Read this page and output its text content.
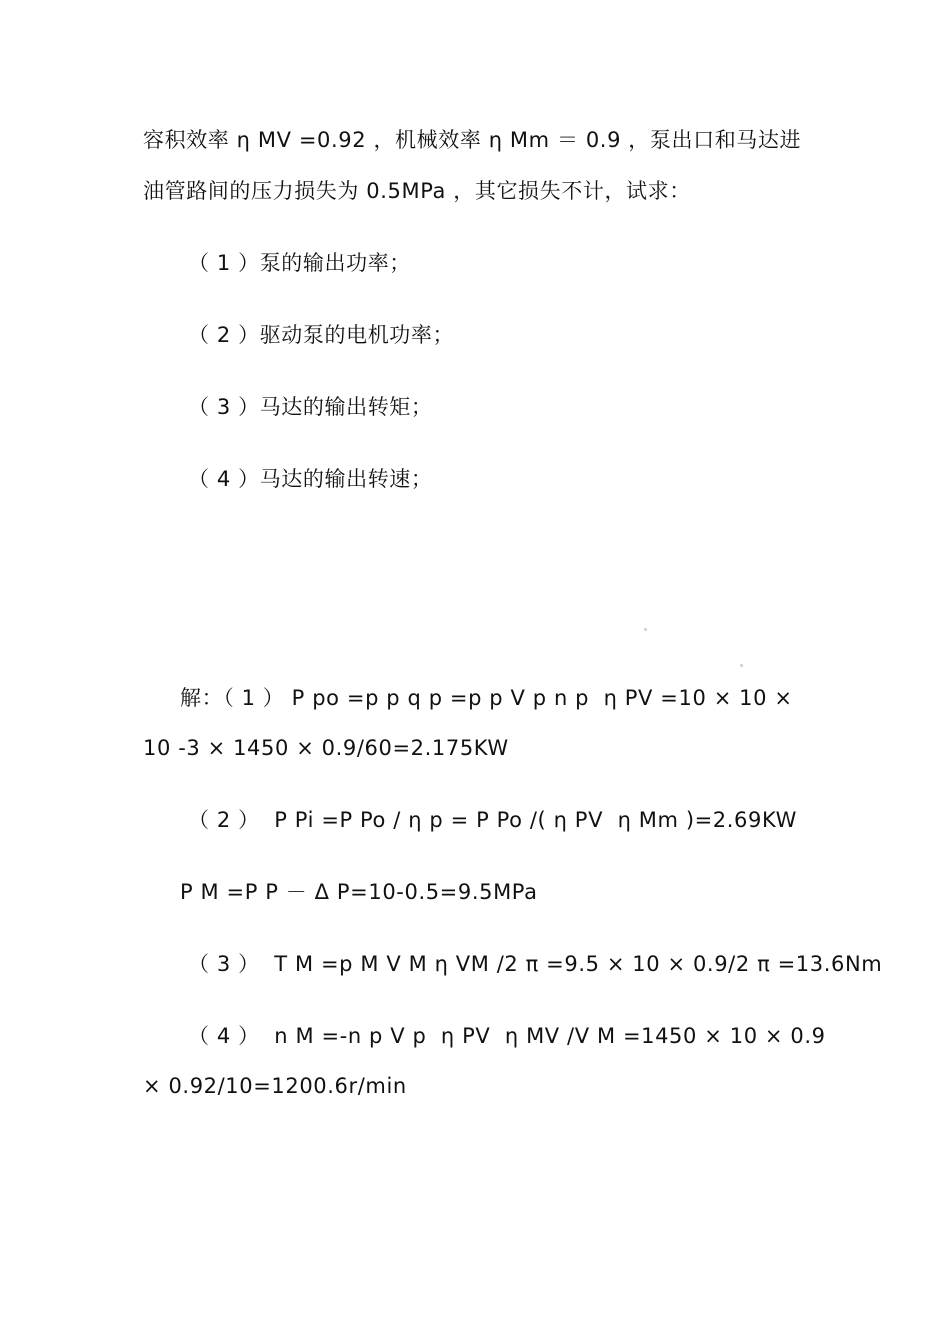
容积效率 η MV =0.92 ，机械效率 η Mm ＝ 0.9 ，泵出口和马达进
油管路间的压力损失为 0.5MPa ，其它损失不计，试求：
（ 1 ）泵的输出功率；
（ 2 ）驱动泵的电机功率；
（ 3 ）马达的输出转矩；
（ 4 ）马达的输出转速；
解：（ 1 ） P po =p p q p =p p V p n p  η PV =10 × 10 ×
10 -3 × 1450 × 0.9/60=2.175KW
（ 2 ）  P Pi =P Po / η p = P Po /( η PV  η Mm )=2.69KW
P M =P P － Δ P=10-0.5=9.5MPa
（ 3 ）  T M =p M V M η VM /2 π =9.5 × 10 × 0.9/2 π =13.6Nm
（ 4 ）  n M =-n p V p  η PV  η MV /V M =1450 × 10 × 0.9
× 0.92/10=1200.6r/min
